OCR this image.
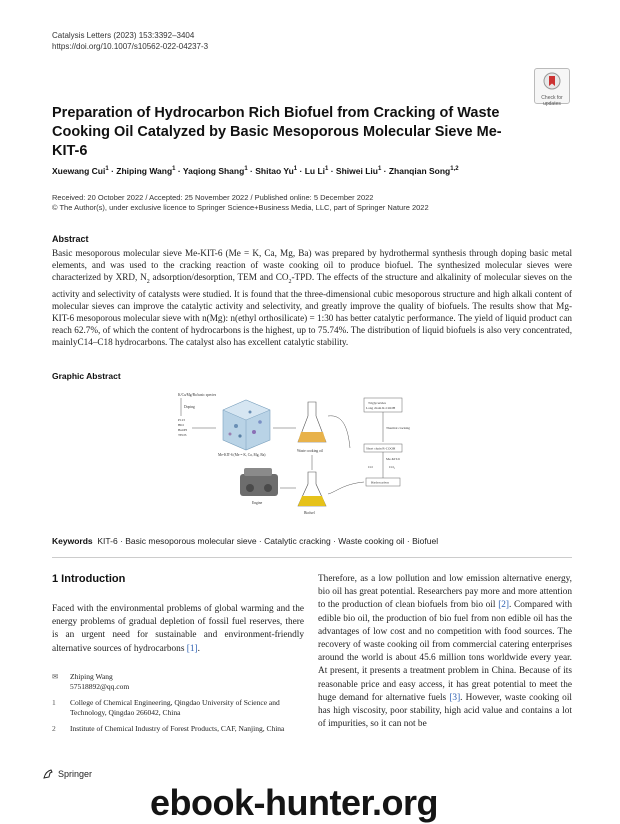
Catalysis Letters (2023) 153:3392–3404
https://doi.org/10.1007/s10562-022-04237-3
Check for updates
Preparation of Hydrocarbon Rich Biofuel from Cracking of Waste Cooking Oil Catalyzed by Basic Mesoporous Molecular Sieve Me-KIT-6
Xuewang Cui$^1$ · Zhiping Wang$^1$ · Yaqiong Shang$^1$ · Shitao $Yu^1 \cdot Lu$ $Li^1$ · Shiwei Liu$^1$ · Zhanqian Song$^{1,2}$
Received: 20 October 2022 / Accepted: 25 November 2022 / Published online: 5 December 2022
© The Author(s), under exclusive licence to Springer Science+Business Media, LLC, part of Springer Nature 2022
Abstract
Basic mesoporous molecular sieve Me-KIT-6 (Me = K, Ca, Mg, Ba) was prepared by hydrothermal synthesis through doping basic metal elements, and was used to the cracking reaction of waste cooking oil to produce biofuel. The synthesized molecular sieves were characterized by XRD, $N_2$ adsorption/desorption, TEM and $CO_2$-TPD. The effects of the structure and alkalinity of molecular sieves on the activity and selectivity of catalysts were studied. It is found that the three-dimensional cubic mesoporous structure and high alkali content of molecular sieves can improve the catalytic activity and selectivity, and greatly improve the quality of biofuels. The results show that Mg-KIT-6 mesoporous molecular sieve with n(Mg): n(ethyl orthosilicate) = 1:30 has better catalytic performance. The yield of liquid product can reach 62.7%, of which the content of hydrocarbons is the highest, up to 75.74%. The distribution of liquid biofuels is also very concentrated, mainlyC14–C18 hydrocarbons. The catalyst also has excellent catalytic stability.
Graphic Abstract
K/Ca/Mg/Ba basic species
Doping
P123
BIO
BuOH
TEOS
Me-KIT-6 (Me = K, Ca, Mg, Ba)
Waste cooking oil
Biofuel
Engine
Triglycerides
Long chain R-COOH
Thermal cracking
Short chain R-COOH
Me-KIT-6
CO	$CO_2$
Hydrocarbon
Keywords KIT-6 · Basic mesoporous molecular sieve · Catalytic cracking · Waste cooking oil · Biofuel
1 Introduction
Faced with the environmental problems of global warming and the energy problems of gradual depletion of fossil fuel reserves, there is an urgent need for sustainable and environment-friendly alternative sources of hydrocarbons [1].
Therefore, as a low pollution and low emission alternative energy, bio oil has great potential. Researchers pay more and more attention to the production of clean biofuels from bio oil [2]. Compared with edible bio oil, the production of bio fuel from non edible oil has the advantages of low cost and no competition with food sources. The recovery of waste cooking oil from commercial catering enterprises around the world is about 45.6 million tons worldwide every year. At present, it presents a treatment problem in China. Because of its reasonable price and easy access, it has great potential to meet the huge demand for alternative fuels [3]. However, waste cooking oil has high viscosity, poor stability, high acid value and contains a lot of impurities, so it can not be
✉	Zhiping Wang
57518892@qq.com
1	College of Chemical Engineering, Qingdao University of Science and Technology, Qingdao 266042, China
2	Institute of Chemical Industry of Forest Products, CAF, Nanjing, China
Springer
ebook-hunter.org
